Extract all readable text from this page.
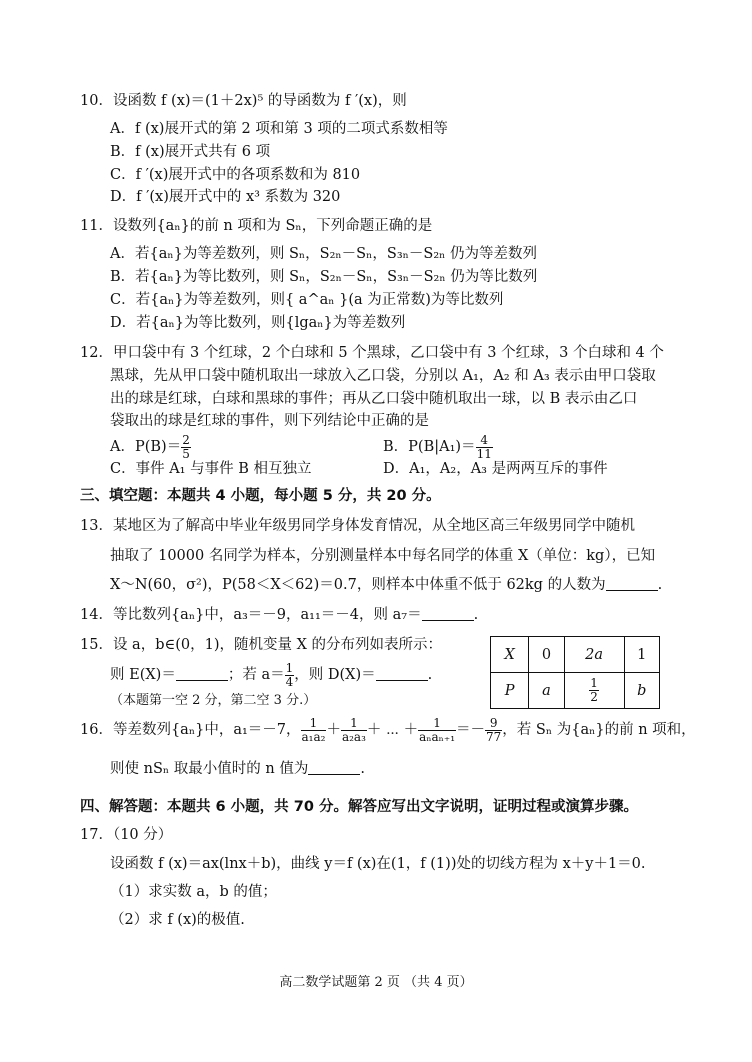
10．设函数 f (x)＝(1＋2x)⁵ 的导函数为 f ′(x)，则
A．f (x)展开式的第 2 项和第 3 项的二项式系数相等
B．f (x)展开式共有 6 项
C．f ′(x)展开式中的各项系数和为 810
D．f ′(x)展开式中的 x³ 系数为 320
11．设数列{aₙ}的前 n 项和为 Sₙ，下列命题正确的是
A．若{aₙ}为等差数列，则 Sₙ，S₂ₙ－Sₙ，S₃ₙ－S₂ₙ 仍为等差数列
B．若{aₙ}为等比数列，则 Sₙ，S₂ₙ－Sₙ，S₃ₙ－S₂ₙ 仍为等比数列
C．若{aₙ}为等差数列，则{ a^aₙ }(a 为正常数)为等比数列
D．若{aₙ}为等比数列，则{lgaₙ}为等差数列
12．甲口袋中有 3 个红球，2 个白球和 5 个黑球，乙口袋中有 3 个红球，3 个白球和 4 个
黑球，先从甲口袋中随机取出一球放入乙口袋，分别以 A₁，A₂ 和 A₃ 表示由甲口袋取
出的球是红球，白球和黑球的事件；再从乙口袋中随机取出一球，以 B 表示由乙口
袋取出的球是红球的事件，则下列结论中正确的是
A．$P(B)= \frac{2}{5}$	B．$P(B|A_1)= \frac{4}{11}$
C．事件 A₁ 与事件 B 相互独立	D．A₁，A₂，A₃ 是两两互斥的事件
三、填空题：本题共 4 小题，每小题 5 分，共 20 分。
13．某地区为了解高中毕业年级男同学身体发育情况，从全地区高三年级男同学中随机
抽取了 10000 名同学为样本，分别测量样本中每名同学的体重 X（单位：kg），已知
X～N(60，σ²)，P(58＜X＜62)＝0.7，则样本中体重不低于 62kg 的人数为	.
14．等比数列{aₙ}中，a₃＝－9，a₁₁＝－4，则 a₇＝	.
15．设 a，b∈(0，1)，随机变量 X 的分布列如表所示：
则 E(X)＝	；若 $a= \frac{1}{4}$ ，则 D(X)＝	.
（本题第一空 2 分，第二空 3 分.）
X	0	2a	1
P	a	$\frac{1}{2}$	b
16．等差数列{aₙ}中，a₁＝－7， $\frac{1}{\text{a₁a₂}} + \frac{1}{\text{a₂a₃}}$ ＋ ⋯ ＋ $\frac{1}{\text{aₙaₙ₊₁}} =- \frac{9}{77}$ ，若 Sₙ 为{aₙ}的前 n 项和，
则使 nSₙ 取最小值时的 n 值为	.
四、解答题：本题共 6 小题，共 70 分。解答应写出文字说明，证明过程或演算步骤。
17．（10 分）
设函数 f (x)＝ax(lnx＋b)，曲线 y＝f (x)在(1，f (1))处的切线方程为 x＋y＋1＝0.
（1）求实数 a，b 的值；
（2）求 f (x)的极值.
高二数学试题第 2 页 （共 4 页）
